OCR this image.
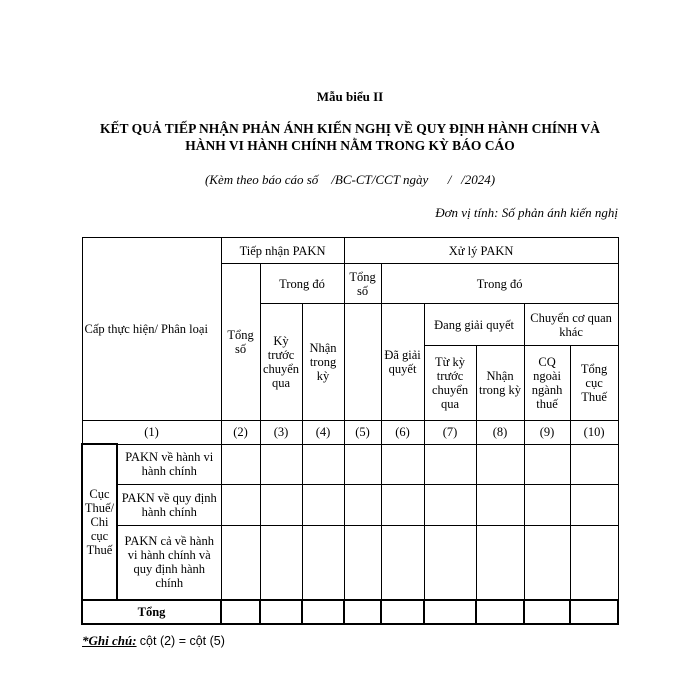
Mẫu biểu II
KẾT QUẢ TIẾP NHẬN PHẢN ÁNH KIẾN NGHỊ VỀ QUY ĐỊNH HÀNH CHÍNH VÀ
HÀNH VI HÀNH CHÍNH NẰM TRONG KỲ BÁO CÁO
(Kèm theo báo cáo số    /BC-CT/CCT ngày      /   /2024)
Đơn vị tính: Số phản ánh kiến nghị
Cấp thực hiện/ Phân loại		Tiếp nhận PAKN			Xử lý PAKN					
		Tổng số	Trong đó		Tổng số	Trong đó				
			Kỳ trước chuyển qua	Nhận trong kỳ		Đã giải quyết	Đang giải quyết		Chuyển cơ quan khác	
							Từ kỳ trước chuyển qua	Nhận trong kỳ	CQ ngoài ngành thuế	Tổng cục Thuế
(1)		(2)	(3)	(4)	(5)	(6)	(7)	(8)	(9)	(10)
Cục Thuế/ Chi cục Thuế	PAKN về hành vi hành chính									
	PAKN về quy định hành chính									
	PAKN cả về hành vi hành chính và quy định hành chính									
Tổng										
*Ghi chú: cột (2) = cột (5)
